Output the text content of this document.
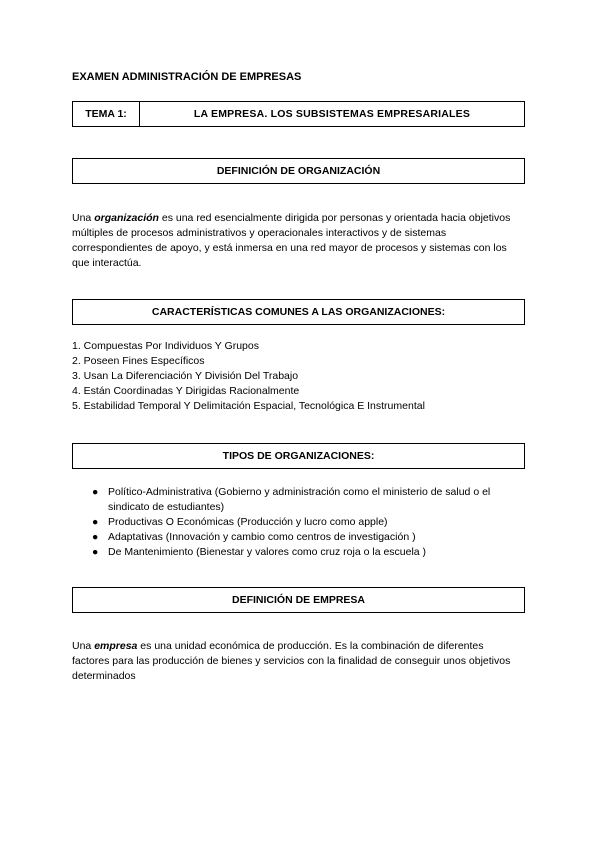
EXAMEN ADMINISTRACIÓN DE EMPRESAS
TEMA 1:	LA EMPRESA. LOS SUBSISTEMAS EMPRESARIALES
DEFINICIÓN DE ORGANIZACIÓN
Una organización es una red esencialmente dirigida por personas y orientada hacia objetivos múltiples de procesos administrativos y operacionales interactivos y de sistemas correspondientes de apoyo, y está inmersa en una red mayor de procesos y sistemas con los que interactúa.
CARACTERÍSTICAS COMUNES A LAS ORGANIZACIONES:
1. Compuestas Por Individuos Y Grupos
2. Poseen Fines Específicos
3. Usan La Diferenciación Y División Del Trabajo
4. Están Coordinadas Y Dirigidas Racionalmente
5. Estabilidad Temporal Y Delimitación Espacial, Tecnológica E Instrumental
TIPOS DE ORGANIZACIONES:
● Político-Administrativa (Gobierno y administración como el ministerio de salud o el sindicato de estudiantes)
● Productivas O Económicas (Producción y lucro como apple)
● Adaptativas (Innovación y cambio como centros de investigación )
● De Mantenimiento (Bienestar y valores como cruz roja o la escuela )
DEFINICIÓN DE EMPRESA
Una empresa es una unidad económica de producción. Es la combinación de diferentes factores para las producción de bienes y servicios con la finalidad de conseguir unos objetivos determinados
